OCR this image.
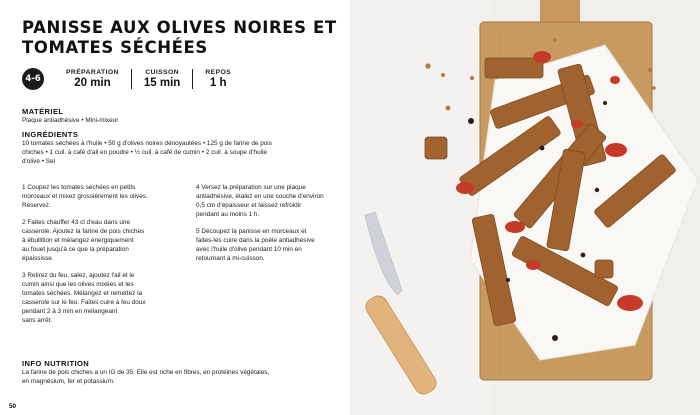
PANISSE AUX OLIVES NOIRES ET TOMATES SÉCHÉES
4-6
PRÉPARATION
20 min
CUISSON
15 min
REPOS
1 h
MATÉRIEL
Plaque antiadhésive • Mini-mixeur
INGRÉDIENTS
10 tomates séchées à l'huile • 50 g d'olives noires dénoyautées • 125 g de farine de pois
chiches • 1 cuil. à café d'ail en poudre • ½ cuil. à café de cumin • 2 cuil. à soupe d'huile
d'olive • Sel
1 Coupez les tomates séchées en petits
morceaux et mixez grossièrement les olives.
Réservez.
2 Faites chauffer 43 cl d'eau dans une
casserole. Ajoutez la farine de pois chiches
à ébullition et mélangez énergiquement
au fouet jusqu'à ce que la préparation
épaississe.
3 Retirez du feu, salez, ajoutez l'ail et le
cumin ainsi que les olives mixées et les
tomates séchées. Mélangez et remettez la
casserole sur le feu. Faites cuire à feu doux
pendant 2 à 3 min en mélangeant
sans arrêt.
4 Versez la préparation sur une plaque
antiadhésive, étalez en une couche d'environ
0,5 cm d'épaisseur et laissez refroidir
pendant au moins 1 h.
5 Découpez la panisse en morceaux et
faites-les cuire dans la poêle antiadhésive
avec l'huile d'olive pendant 10 min en
retournant à mi-cuisson.
INFO NUTRITION
La farine de pois chiches a un IG de 35. Elle est riche en fibres, en protéines végétales,
en magnésium, fer et potassium.
50
